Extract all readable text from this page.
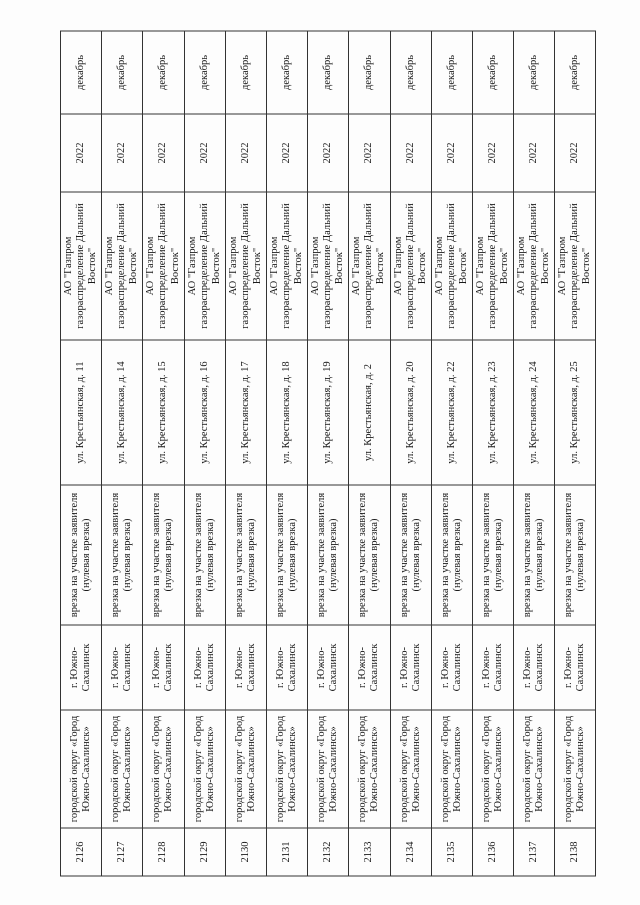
2126	городской округ «Город Южно-Сахалинск»	г. Южно-Сахалинск	врезка на участке заявителя (нулевая врезка)	ул. Крестьянская, д. 11	АО "Газпром газораспределение Дальний Восток"	2022	декабрь
2127	городской округ «Город Южно-Сахалинск»	г. Южно-Сахалинск	врезка на участке заявителя (нулевая врезка)	ул. Крестьянская, д. 14	АО "Газпром газораспределение Дальний Восток"	2022	декабрь
2128	городской округ «Город Южно-Сахалинск»	г. Южно-Сахалинск	врезка на участке заявителя (нулевая врезка)	ул. Крестьянская, д. 15	АО "Газпром газораспределение Дальний Восток"	2022	декабрь
2129	городской округ «Город Южно-Сахалинск»	г. Южно-Сахалинск	врезка на участке заявителя (нулевая врезка)	ул. Крестьянская, д. 16	АО "Газпром газораспределение Дальний Восток"	2022	декабрь
2130	городской округ «Город Южно-Сахалинск»	г. Южно-Сахалинск	врезка на участке заявителя (нулевая врезка)	ул. Крестьянская, д. 17	АО "Газпром газораспределение Дальний Восток"	2022	декабрь
2131	городской округ «Город Южно-Сахалинск»	г. Южно-Сахалинск	врезка на участке заявителя (нулевая врезка)	ул. Крестьянская, д. 18	АО "Газпром газораспределение Дальний Восток"	2022	декабрь
2132	городской округ «Город Южно-Сахалинск»	г. Южно-Сахалинск	врезка на участке заявителя (нулевая врезка)	ул. Крестьянская, д. 19	АО "Газпром газораспределение Дальний Восток"	2022	декабрь
2133	городской округ «Город Южно-Сахалинск»	г. Южно-Сахалинск	врезка на участке заявителя (нулевая врезка)	ул. Крестьянская, д. 2	АО "Газпром газораспределение Дальний Восток"	2022	декабрь
2134	городской округ «Город Южно-Сахалинск»	г. Южно-Сахалинск	врезка на участке заявителя (нулевая врезка)	ул. Крестьянская, д. 20	АО "Газпром газораспределение Дальний Восток"	2022	декабрь
2135	городской округ «Город Южно-Сахалинск»	г. Южно-Сахалинск	врезка на участке заявителя (нулевая врезка)	ул. Крестьянская, д. 22	АО "Газпром газораспределение Дальний Восток"	2022	декабрь
2136	городской округ «Город Южно-Сахалинск»	г. Южно-Сахалинск	врезка на участке заявителя (нулевая врезка)	ул. Крестьянская, д. 23	АО "Газпром газораспределение Дальний Восток"	2022	декабрь
2137	городской округ «Город Южно-Сахалинск»	г. Южно-Сахалинск	врезка на участке заявителя (нулевая врезка)	ул. Крестьянская, д. 24	АО "Газпром газораспределение Дальний Восток"	2022	декабрь
2138	городской округ «Город Южно-Сахалинск»	г. Южно-Сахалинск	врезка на участке заявителя (нулевая врезка)	ул. Крестьянская, д. 25	АО "Газпром газораспределение Дальний Восток"	2022	декабрь
